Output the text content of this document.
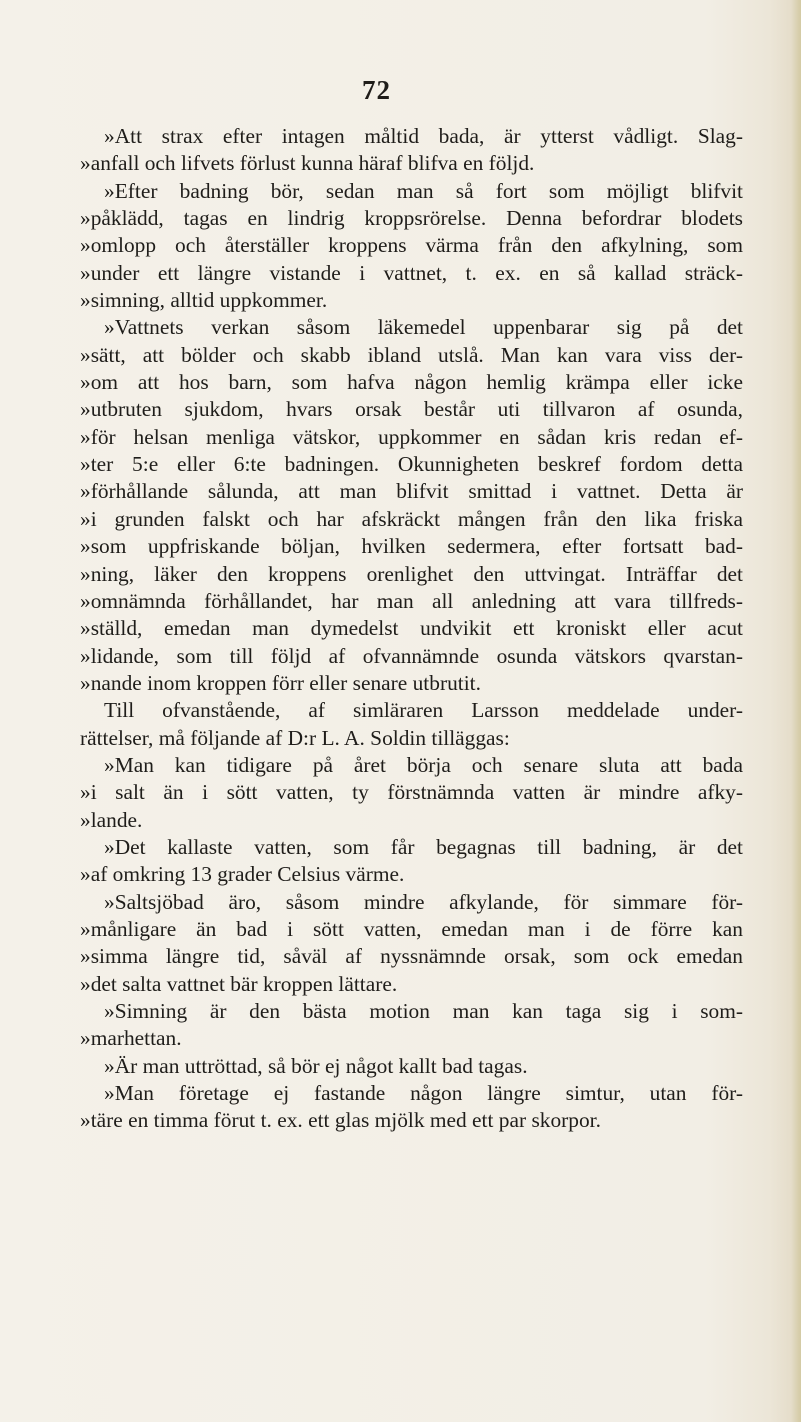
72
»Att strax efter intagen måltid bada, är ytterst vådligt. Slag-
»anfall och lifvets förlust kunna häraf blifva en följd.
»Efter badning bör, sedan man så fort som möjligt blifvit
»påklädd, tagas en lindrig kroppsrörelse. Denna befordrar blodets
»omlopp och återställer kroppens värma från den afkylning, som
»under ett längre vistande i vattnet, t. ex. en så kallad sträck-
»simning, alltid uppkommer.
»Vattnets verkan såsom läkemedel uppenbarar sig på det
»sätt, att bölder och skabb ibland utslå. Man kan vara viss der-
»om att hos barn, som hafva någon hemlig krämpa eller icke
»utbruten sjukdom, hvars orsak består uti tillvaron af osunda,
»för helsan menliga vätskor, uppkommer en sådan kris redan ef-
»ter 5:e eller 6:te badningen. Okunnigheten beskref fordom detta
»förhållande sålunda, att man blifvit smittad i vattnet. Detta är
»i grunden falskt och har afskräckt mången från den lika friska
»som uppfriskande böljan, hvilken sedermera, efter fortsatt bad-
»ning, läker den kroppens orenlighet den uttvingat. Inträffar det
»omnämnda förhållandet, har man all anledning att vara tillfreds-
»ställd, emedan man dymedelst undvikit ett kroniskt eller acut
»lidande, som till följd af ofvannämnde osunda vätskors qvarstan-
»nande inom kroppen förr eller senare utbrutit.
Till ofvanstående, af simläraren Larsson meddelade under-
rättelser, må följande af D:r L. A. Soldin tilläggas:
»Man kan tidigare på året börja och senare sluta att bada
»i salt än i sött vatten, ty förstnämnda vatten är mindre afky-
»lande.
»Det kallaste vatten, som får begagnas till badning, är det
»af omkring 13 grader Celsius värme.
»Saltsjöbad äro, såsom mindre afkylande, för simmare för-
»månligare än bad i sött vatten, emedan man i de förre kan
»simma längre tid, såväl af nyssnämnde orsak, som ock emedan
»det salta vattnet bär kroppen lättare.
»Simning är den bästa motion man kan taga sig i som-
»marhettan.
»Är man uttröttad, så bör ej något kallt bad tagas.
»Man företage ej fastande någon längre simtur, utan för-
»täre en timma förut t. ex. ett glas mjölk med ett par skorpor.
